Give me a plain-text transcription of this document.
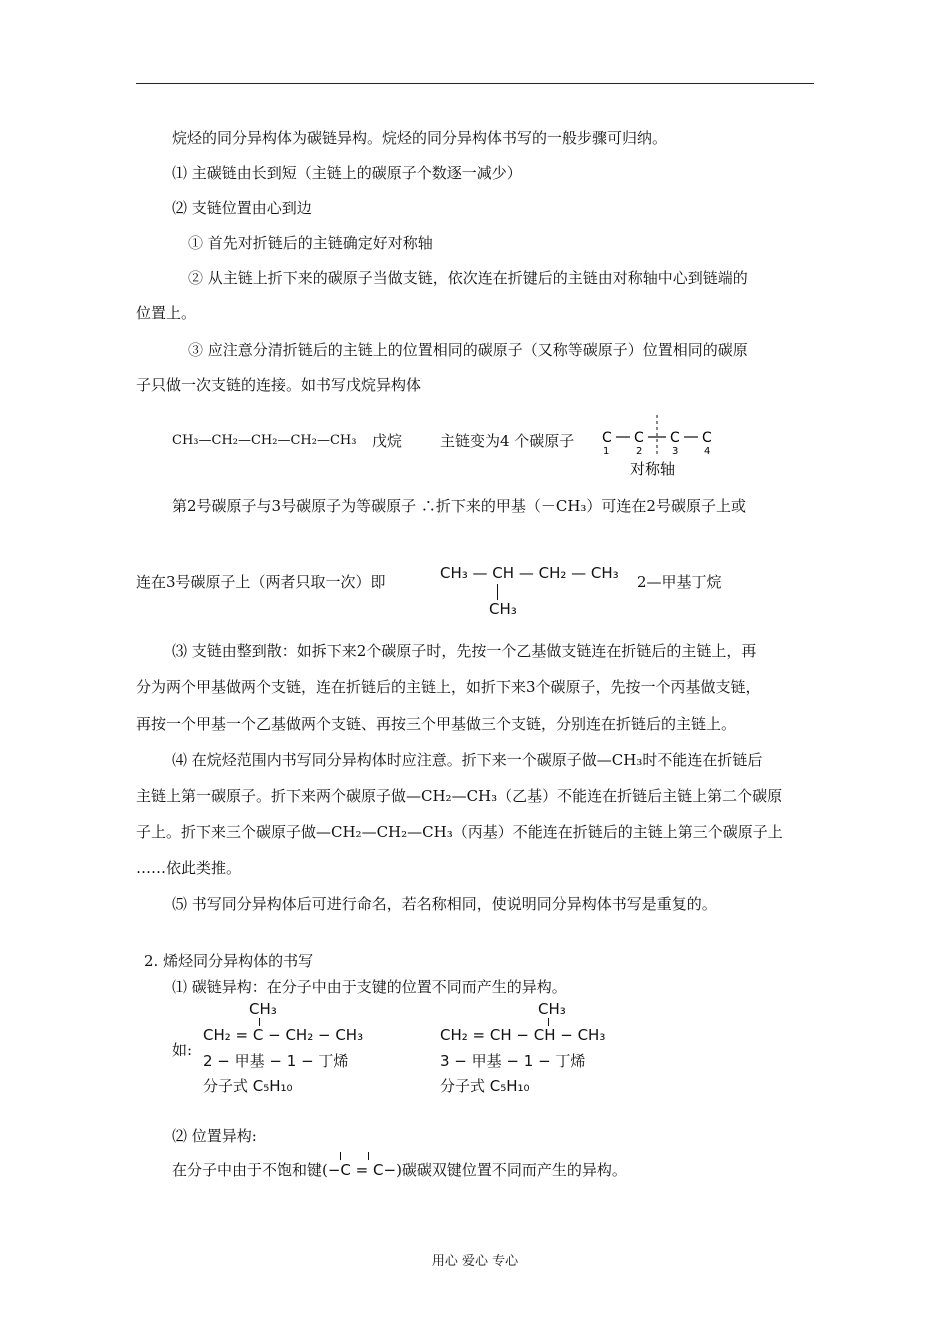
烷烃的同分异构体为碳链异构。烷烃的同分异构体书写的一般步骤可归纳。
⑴ 主碳链由长到短（主链上的碳原子个数逐一减少）
⑵ 支链位置由心到边
① 首先对折链后的主链确定好对称轴
② 从主链上折下来的碳原子当做支链，依次连在折键后的主链由对称轴中心到链端的
位置上。
③ 应注意分清折链后的主链上的位置相同的碳原子（又称等碳原子）位置相同的碳原
子只做一次支链的连接。如书写戊烷异构体
CH₃—CH₂—CH₂—CH₂—CH₃ 戊烷	主链变为4 个碳原子 C C C C
1	2	3	4
对称轴
第2号碳原子与3号碳原子为等碳原子 ∴折下来的甲基（－CH₃）可连在2号碳原子上或
连在3号碳原子上（两者只取一次）即	CH₃ — CH — CH₂ — CH₃
CH₃
2—甲基丁烷
⑶ 支链由整到散：如拆下来2个碳原子时，先按一个乙基做支链连在折链后的主链上，再
分为两个甲基做两个支链，连在折链后的主链上，如折下来3个碳原子，先按一个丙基做支链，
再按一个甲基一个乙基做两个支链、再按三个甲基做三个支链，分别连在折链后的主链上。
⑷ 在烷烃范围内书写同分异构体时应注意。折下来一个碳原子做—CH₃时不能连在折链后
主链上第一碳原子。折下来两个碳原子做—CH₂—CH₃（乙基）不能连在折链后主链上第二个碳原
子上。折下来三个碳原子做—CH₂—CH₂—CH₃（丙基）不能连在折链后的主链上第三个碳原子上
……依此类推。
⑸ 书写同分异构体后可进行命名，若名称相同，使说明同分异构体书写是重复的。
2. 烯烃同分异构体的书写
⑴ 碳链异构：在分子中由于支键的位置不同而产生的异构。
如:
CH₃
CH₂ = C − CH₂ − CH₃
2 − 甲基 − 1 − 丁烯
分子式 C₅H₁₀
CH₃
CH₂ = CH − CH − CH₃
3 − 甲基 − 1 − 丁烯
分子式 C₅H₁₀
⑵ 位置异构:
在分子中由于不饱和键(
−C = C−)碳碳双键位置不同而产生的异构。
用心 爱心 专心
